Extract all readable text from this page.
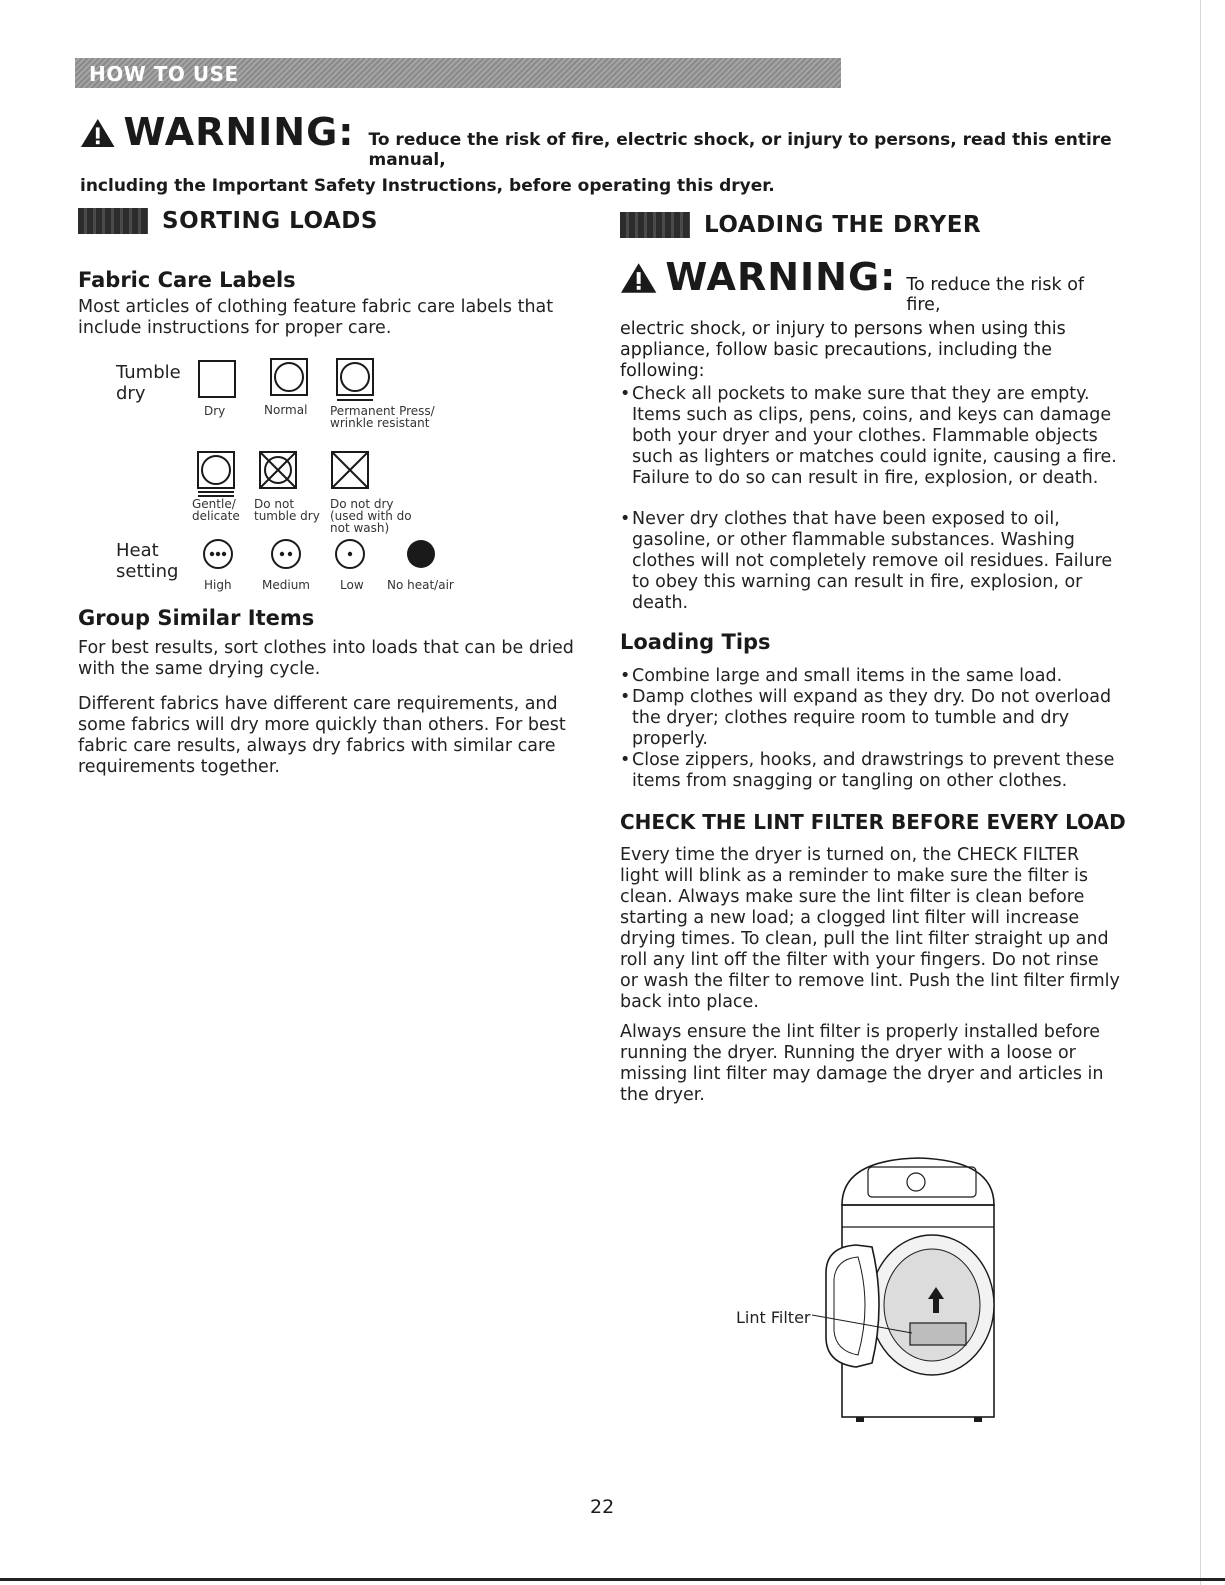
HOW TO USE
WARNING: To reduce the risk of fire, electric shock, or injury to persons, read this entire manual,
including the Important Safety Instructions, before operating this dryer.
SORTING LOADS
Fabric Care Labels
Most articles of clothing feature fabric care labels that include instructions for proper care.
Tumble dry
Dry	Normal Permanent Press/ wrinkle resistant
Gentle/ delicate
Do not tumble dry
Do not dry (used with do not wash)
Heat setting
High	Medium	Low No heat/air
Group Similar Items
For best results, sort clothes into loads that can be dried with the same drying cycle.
Different fabrics have different care requirements, and some fabrics will dry more quickly than others. For best fabric care results, always dry fabrics with similar care requirements together.
LOADING THE DRYER
WARNING: To reduce the risk of fire,
electric shock, or injury to persons when using this appliance, follow basic precautions, including the following:
• Check all pockets to make sure that they are empty. Items such as clips, pens, coins, and keys can damage both your dryer and your clothes. Flammable objects such as lighters or matches could ignite, causing a fire. Failure to do so can result in fire, explosion, or death.
• Never dry clothes that have been exposed to oil, gasoline, or other flammable substances. Washing clothes will not completely remove oil residues. Failure to obey this warning can result in fire, explosion, or death.
Loading Tips
• Combine large and small items in the same load.
• Damp clothes will expand as they dry. Do not overload the dryer; clothes require room to tumble and dry properly.
• Close zippers, hooks, and drawstrings to prevent these items from snagging or tangling on other clothes.
CHECK THE LINT FILTER BEFORE EVERY LOAD
Every time the dryer is turned on, the CHECK FILTER light will blink as a reminder to make sure the filter is clean. Always make sure the lint filter is clean before starting a new load; a clogged lint filter will increase drying times. To clean, pull the lint filter straight up and roll any lint off the filter with your fingers. Do not rinse or wash the filter to remove lint. Push the lint filter firmly back into place.
Always ensure the lint filter is properly installed before running the dryer. Running the dryer with a loose or missing lint filter may damage the dryer and articles in the dryer.
Lint Filter
22
